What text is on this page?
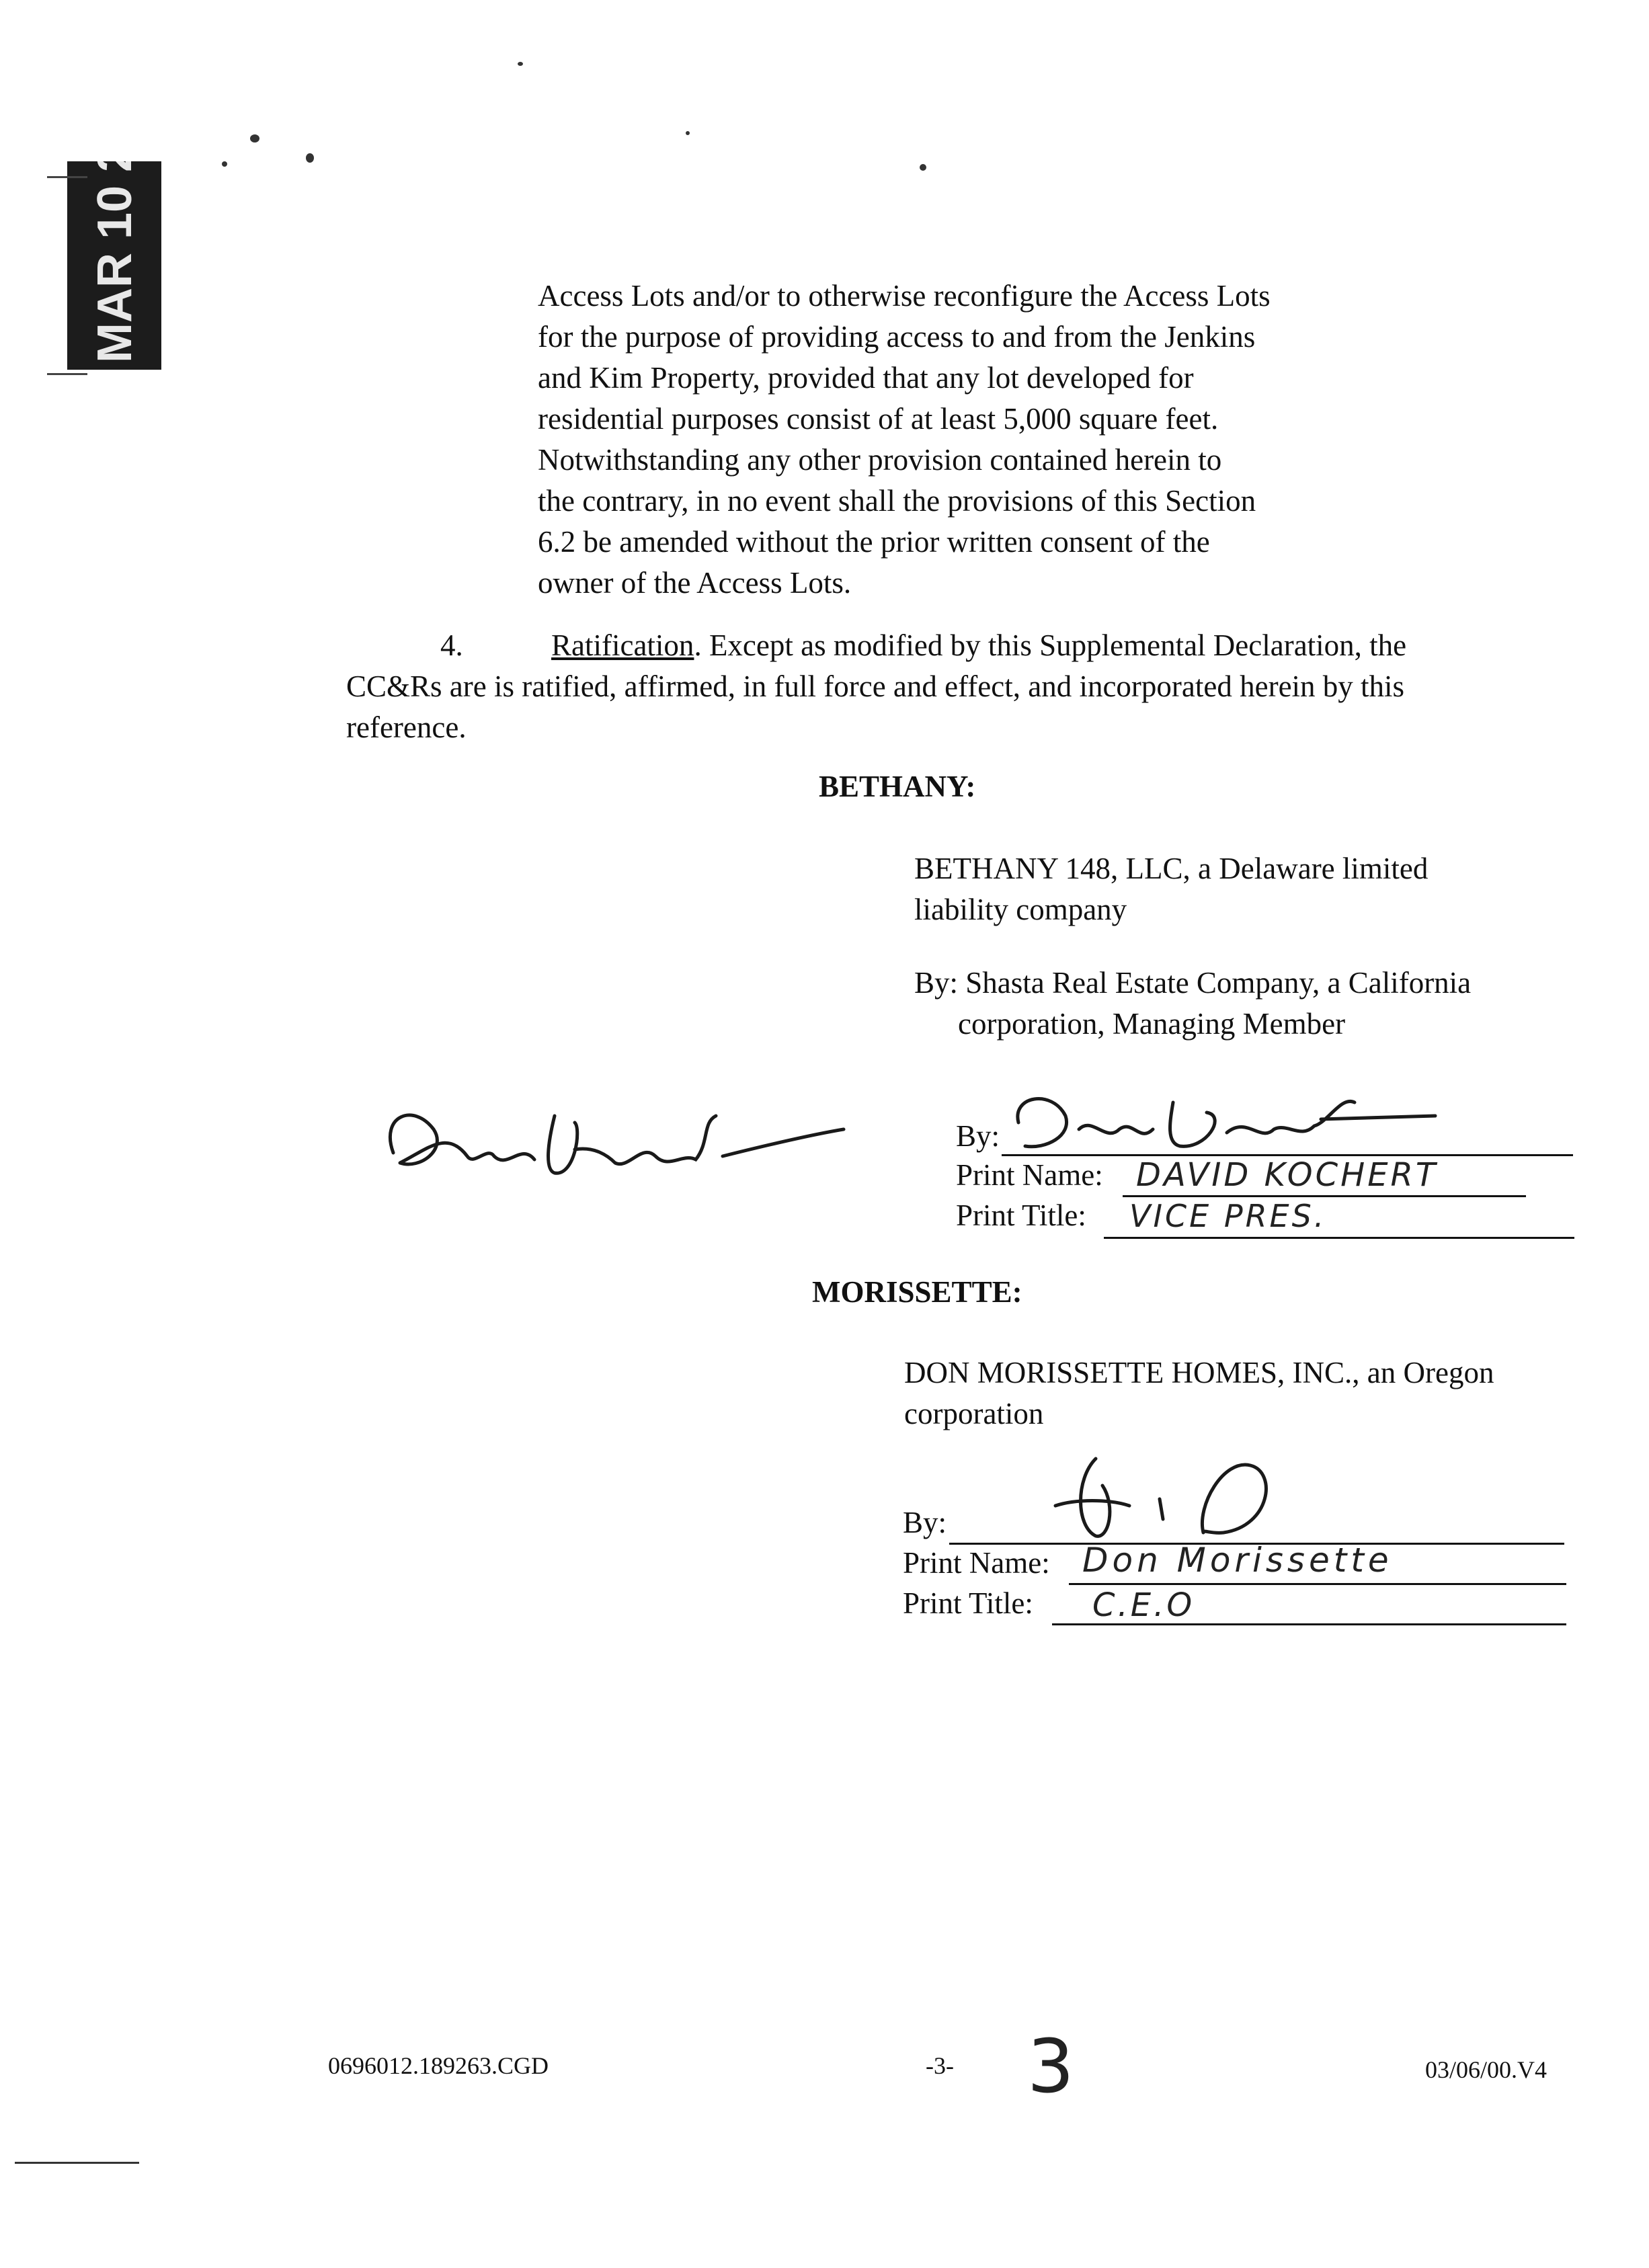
MAR 10 2000	Access Lots and/or to otherwise reconfigure the Access Lots
for the purpose of providing access to and from the Jenkins
and Kim Property, provided that any lot developed for
residential purposes consist of at least 5,000 square feet.
Notwithstanding any other provision contained herein to
the contrary, in no event shall the provisions of this Section
6.2 be amended without the prior written consent of the
owner of the Access Lots.
4.	Ratification. Except as modified by this Supplemental Declaration, the
CC&Rs are is ratified, affirmed, in full force and effect, and incorporated herein by this
reference.
BETHANY:
BETHANY 148, LLC, a Delaware limited
liability company
By: Shasta Real Estate Company, a California
corporation, Managing Member
By:
Print Name: DAVID KOCHERT
Print Title: VICE PRES.
MORISSETTE:
DON MORISSETTE HOMES, INC., an Oregon
corporation
By:
Print Name: Don Morissette
Print Title: C.E.O
0696012.189263.CGD	-3- 3	03/06/00.V4
